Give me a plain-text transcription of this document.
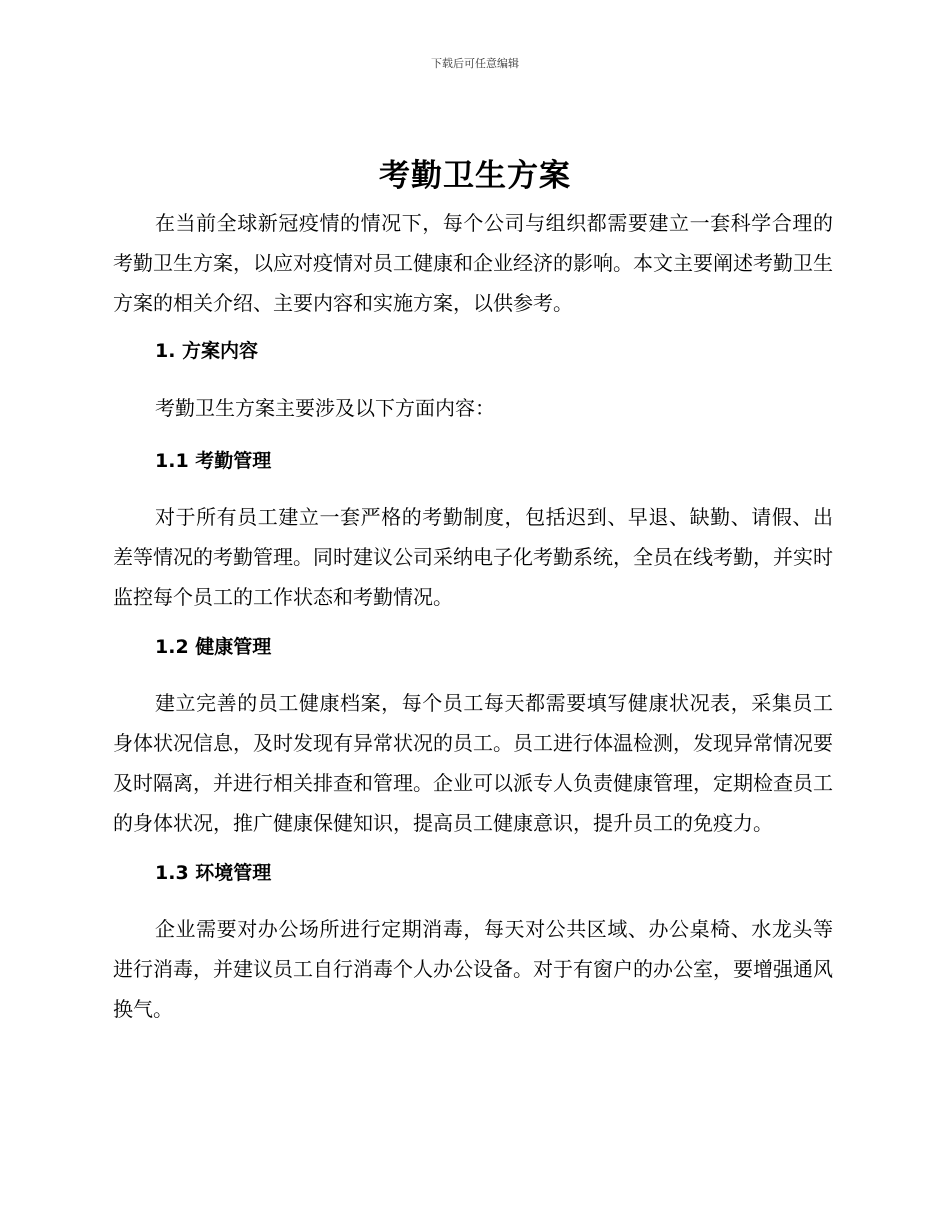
下载后可任意编辑
考勤卫生方案

在当前全球新冠疫情的情况下，每个公司与组织都需要建立一套科学合理的考勤卫生方案，以应对疫情对员工健康和企业经济的影响。本文主要阐述考勤卫生方案的相关介绍、主要内容和实施方案，以供参考。

1. 方案内容

考勤卫生方案主要涉及以下方面内容：

1.1 考勤管理

对于所有员工建立一套严格的考勤制度，包括迟到、早退、缺勤、请假、出差等情况的考勤管理。同时建议公司采纳电子化考勤系统，全员在线考勤，并实时监控每个员工的工作状态和考勤情况。

1.2 健康管理

建立完善的员工健康档案，每个员工每天都需要填写健康状况表，采集员工身体状况信息，及时发现有异常状况的员工。员工进行体温检测，发现异常情况要及时隔离，并进行相关排查和管理。企业可以派专人负责健康管理，定期检查员工的身体状况，推广健康保健知识，提高员工健康意识，提升员工的免疫力。

1.3 环境管理

企业需要对办公场所进行定期消毒，每天对公共区域、办公桌椅、水龙头等进行消毒，并建议员工自行消毒个人办公设备。对于有窗户的办公室，要增强通风换气。
